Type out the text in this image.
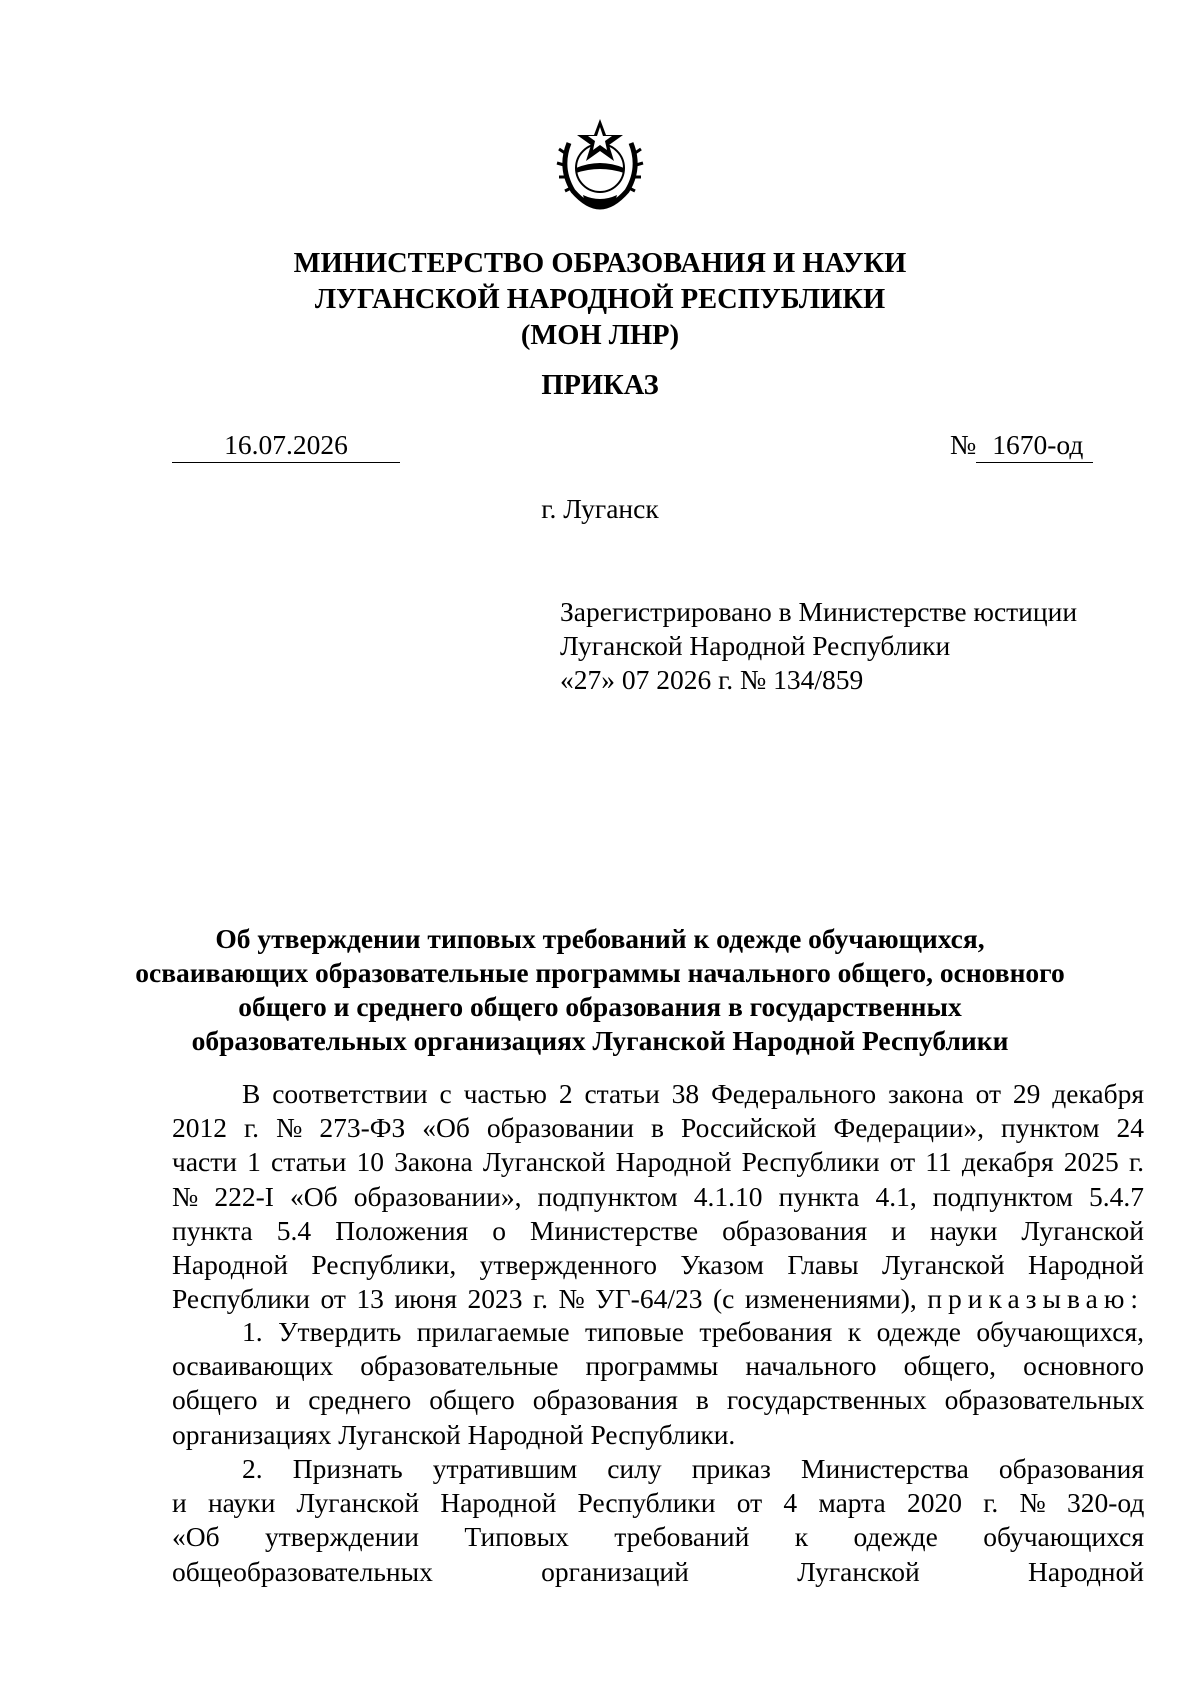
МИНИСТЕРСТВО ОБРАЗОВАНИЯ И НАУКИ
ЛУГАНСКОЙ НАРОДНОЙ РЕСПУБЛИКИ
(МОН ЛНР)
ПРИКАЗ
16.07.2026	№ 1670-од
г. Луганск
Зарегистрировано в Министерстве юстиции
Луганской Народной Республики
«27» 07 2026 г. № 134/859
Об утверждении типовых требований к одежде обучающихся,
осваивающих образовательные программы начального общего, основного
общего и среднего общего образования в государственных
образовательных организациях Луганской Народной Республики
В соответствии с частью 2 статьи 38 Федерального закона от 29 декабря
2012 г. № 273-ФЗ «Об образовании в Российской Федерации», пунктом 24
части 1 статьи 10 Закона Луганской Народной Республики от 11 декабря 2025 г.
№ 222-I «Об образовании», подпунктом 4.1.10 пункта 4.1, подпунктом 5.4.7
пункта 5.4 Положения о Министерстве образования и науки Луганской
Народной Республики, утвержденного Указом Главы Луганской Народной
Республики от 13 июня 2023 г. № УГ-64/23 (с изменениями), приказываю:
1. Утвердить прилагаемые типовые требования к одежде обучающихся,
осваивающих образовательные программы начального общего, основного
общего и среднего общего образования в государственных образовательных
организациях Луганской Народной Республики.
2. Признать утратившим силу приказ Министерства образования
и науки Луганской Народной Республики от 4 марта 2020 г. № 320-од
«Об утверждении Типовых требований к одежде обучающихся
общеобразовательных организаций Луганской Народной
